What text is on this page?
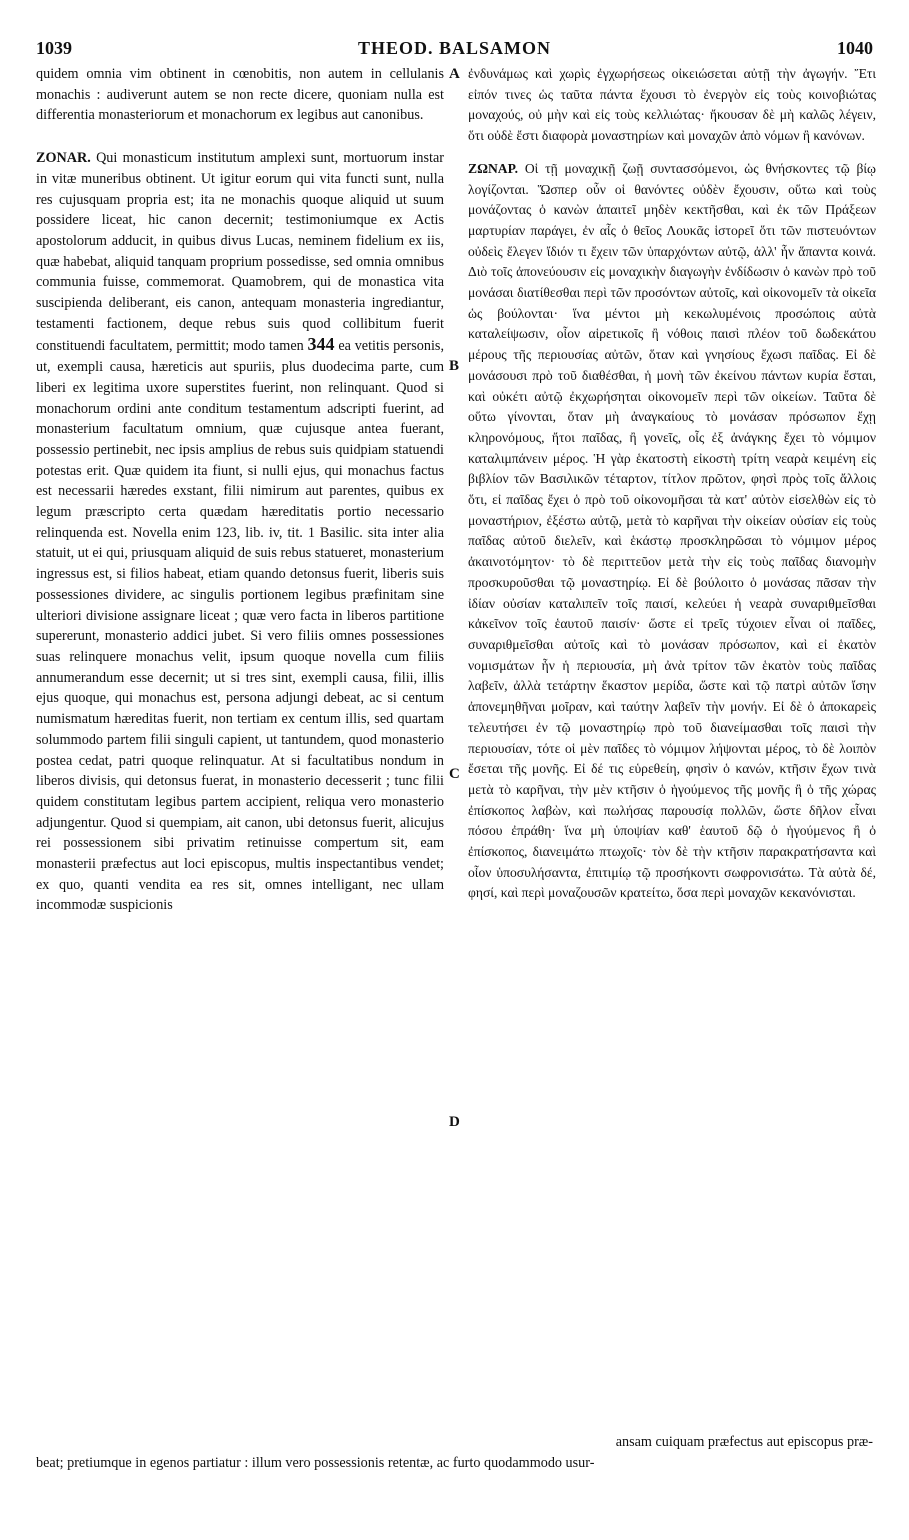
1039	THEOD. BALSAMON	1040
A
B
C
D

quidem omnia vim obtinent in cœnobitis, non autem in cellulanis monachis : audiverunt autem se non recte dicere, quoniam nulla est differentia monasteriorum et monachorum ex legibus aut canonibus.

ZONAR. Qui monasticum institutum amplexi sunt, mortuorum instar in vitæ muneribus obtinent. Ut igitur eorum qui vita functi sunt, nulla res cujusquam propria est; ita ne monachis quoque aliquid ut suum possidere liceat, hic canon decernit; testimoniumque ex Actis apostolorum adducit, in quibus divus Lucas, neminem fidelium ex iis, quæ habebat, aliquid tanquam proprium possedisse, sed omnia omnibus communia fuisse, commemorat. Quamobrem, qui de monastica vita suscipienda deliberant, eis canon, antequam monasteria ingrediantur, testamenti factionem, deque rebus suis quod collibitum fuerit constituendi facultatem, permittit; modo tamen 344 ea vetitis personis, ut, exempli causa, hæreticis aut spuriis, plus duodecima parte, cum liberi ex legitima uxore superstites fuerint, non relinquant. Quod si monachorum ordini ante conditum testamentum adscripti fuerint, ad monasterium facultatum omnium, quæ cujusque antea fuerant, possessio pertinebit, nec ipsis amplius de rebus suis quidpiam statuendi potestas erit. Quæ quidem ita fiunt, si nulli ejus, qui monachus factus est necessarii hæredes exstant, filii nimirum aut parentes, quibus ex legum præscripto certa quædam hæreditatis portio necessario relinquenda est. Novella enim 123, lib. iv, tit. 1 Basilic. sita inter alia statuit, ut ei qui, priusquam aliquid de suis rebus statueret, monasterium ingressus est, si filios habeat, etiam quando detonsus fuerit, liberis suis possessiones dividere, ac singulis portionem legibus præfinitam sine ulteriori divisione assignare liceat ; quæ vero facta in liberos partitione supererunt, monasterio addici jubet. Si vero filiis omnes possessiones suas relinquere monachus velit, ipsum quoque novella cum filiis annumerandum esse decernit; ut si tres sint, exempli causa, filii, illis ejus quoque, qui monachus est, persona adjungi debeat, ac si centum numismatum hæreditas fuerit, non tertiam ex centum illis, sed quartam solummodo partem filii singuli capient, ut tantundem, quod monasterio postea cedat, patri quoque relinquatur. At si facultatibus nondum in liberos divisis, qui detonsus fuerat, in monasterio decesserit ; tunc filii quidem constitutam legibus partem accipient, reliqua vero monasterio adjungentur. Quod si quempiam, ait canon, ubi detonsus fuerit, alicujus rei possessionem sibi privatim retinuisse compertum sit, eam monasterii præfectus aut loci episcopus, multis inspectantibus vendet; ex quo, quanti vendita ea res sit, omnes intelligant, nec ullam incommodæ suspicionis

ἐνδυνάμως καὶ χωρὶς ἐγχωρήσεως οἰκειώσεται αὐτῇ τὴν ἀγωγήν. Ἔτι εἰπόν τινες ὡς ταῦτα πάντα ἔχουσι τὸ ἐνεργὸν εἰς τοὺς κοινοβιώτας μοναχούς, οὐ μὴν καὶ εἰς τοὺς κελλιώτας· ἤκουσαν δὲ μὴ καλῶς λέγειν, ὅτι οὐδὲ ἔστι διαφορὰ μοναστηρίων καὶ μοναχῶν ἀπὸ νόμων ἢ κανόνων.

ΖΩΝΑΡ. Οἱ τῇ μοναχικῇ ζωῇ συντασσόμενοι, ὡς θνήσκοντες τῷ βίῳ λογίζονται. Ὥσπερ οὖν οἱ θανόντες οὐδὲν ἔχουσιν, οὕτω καὶ τοὺς μονάζοντας ὁ κανὼν ἀπαιτεῖ μηδὲν κεκτῆσθαι, καὶ ἐκ τῶν Πράξεων μαρτυρίαν παράγει, ἐν αἷς ὁ θεῖος Λουκᾶς ἱστορεῖ ὅτι τῶν πιστευόντων οὐδεὶς ἔλεγεν ἴδιόν τι ἔχειν τῶν ὑπαρχόντων αὐτῷ, ἀλλ' ἦν ἅπαντα κοινά. Διὸ τοῖς ἀπονεύουσιν εἰς μοναχικὴν διαγωγὴν ἐνδίδωσιν ὁ κανὼν πρὸ τοῦ μονάσαι διατίθεσθαι περὶ τῶν προσόντων αὐτοῖς, καὶ οἰκονομεῖν τὰ οἰκεῖα ὡς βούλονται· ἵνα μέντοι μὴ κεκωλυμένοις προσώποις αὐτὰ καταλείψωσιν, οἷον αἱρετικοῖς ἢ νόθοις παισὶ πλέον τοῦ δωδεκάτου μέρους τῆς περιουσίας αὐτῶν, ὅταν καὶ γνησίους ἔχωσι παῖδας. Εἰ δὲ μονάσουσι πρὸ τοῦ διαθέσθαι, ἡ μονὴ τῶν ἐκείνου πάντων κυρία ἔσται, καὶ οὐκέτι αὐτῷ ἐκχωρήσηται οἰκονομεῖν περὶ τῶν οἰκείων. Ταῦτα δὲ οὕτω γίνονται, ὅταν μὴ ἀναγκαίους τὸ μονάσαν πρόσωπον ἔχῃ κληρονόμους, ἤτοι παῖδας, ἢ γονεῖς, οἷς ἐξ ἀνάγκης ἔχει τὸ νόμιμον καταλιμπάνειν μέρος. Ἡ γὰρ ἑκατοστὴ εἰκοστὴ τρίτη νεαρὰ κειμένη εἰς βιβλίον τῶν Βασιλικῶν τέταρτον, τίτλον πρῶτον, φησὶ πρὸς τοῖς ἄλλοις ὅτι, εἰ παῖδας ἔχει ὁ πρὸ τοῦ οἰκονομῆσαι τὰ κατ' αὐτὸν εἰσελθὼν εἰς τὸ μοναστήριον, ἐξέστω αὐτῷ, μετὰ τὸ καρῆναι τὴν οἰκείαν οὐσίαν εἰς τοὺς παῖδας αὐτοῦ διελεῖν, καὶ ἑκάστῳ προσκληρῶσαι τὸ νόμιμον μέρος ἀκαινοτόμητον· τὸ δὲ περιττεῦον μετὰ τὴν εἰς τοὺς παῖδας διανομὴν προσκυροῦσθαι τῷ μοναστηρίῳ. Εἰ δὲ βούλοιτο ὁ μονάσας πᾶσαν τὴν ἰδίαν οὐσίαν καταλιπεῖν τοῖς παισί, κελεύει ἡ νεαρὰ συναριθμεῖσθαι κἀκεῖνον τοῖς ἑαυτοῦ παισίν· ὥστε εἰ τρεῖς τύχοιεν εἶναι οἱ παῖδες, συναριθμεῖσθαι αὐτοῖς καὶ τὸ μονάσαν πρόσωπον, καὶ εἰ ἑκατὸν νομισμάτων ἦν ἡ περιουσία, μὴ ἀνὰ τρίτον τῶν ἑκατὸν τοὺς παῖδας λαβεῖν, ἀλλὰ τετάρτην ἕκαστον μερίδα, ὥστε καὶ τῷ πατρὶ αὐτῶν ἴσην ἀπονεμηθῆναι μοῖραν, καὶ ταύτην λαβεῖν τὴν μονήν. Εἰ δὲ ὁ ἀποκαρεὶς τελευτήσει ἐν τῷ μοναστηρίῳ πρὸ τοῦ διανείμασθαι τοῖς παισὶ τὴν περιουσίαν, τότε οἱ μὲν παῖδες τὸ νόμιμον λήψονται μέρος, τὸ δὲ λοιπὸν ἔσεται τῆς μονῆς. Εἰ δέ τις εὑρεθείη, φησὶν ὁ κανών, κτῆσιν ἔχων τινὰ μετὰ τὸ καρῆναι, τὴν μὲν κτῆσιν ὁ ἡγούμενος τῆς μονῆς ἢ ὁ τῆς χώρας ἐπίσκοπος λαβὼν, καὶ πωλήσας παρουσίᾳ πολλῶν, ὥστε δῆλον εἶναι πόσου ἐπράθη· ἵνα μὴ ὑποψίαν καθ' ἑαυτοῦ δῷ ὁ ἡγούμενος ἢ ὁ ἐπίσκοπος, διανειμάτω πτωχοῖς· τὸν δὲ τὴν κτῆσιν παρακρατήσαντα καὶ οἷον ὑποσυλήσαντα, ἐπιτιμίῳ τῷ προσήκοντι σωφρονισάτω. Τὰ αὐτὰ δέ, φησί, καὶ περὶ μοναζουσῶν κρατείτω, ὅσα περὶ μοναχῶν κεκανόνισται.

ansam cuiquam præfectus aut episcopus præ-
beat; pretiumque in egenos partiatur : illum vero possessionis retentæ, ac furto quodammodo usur-
